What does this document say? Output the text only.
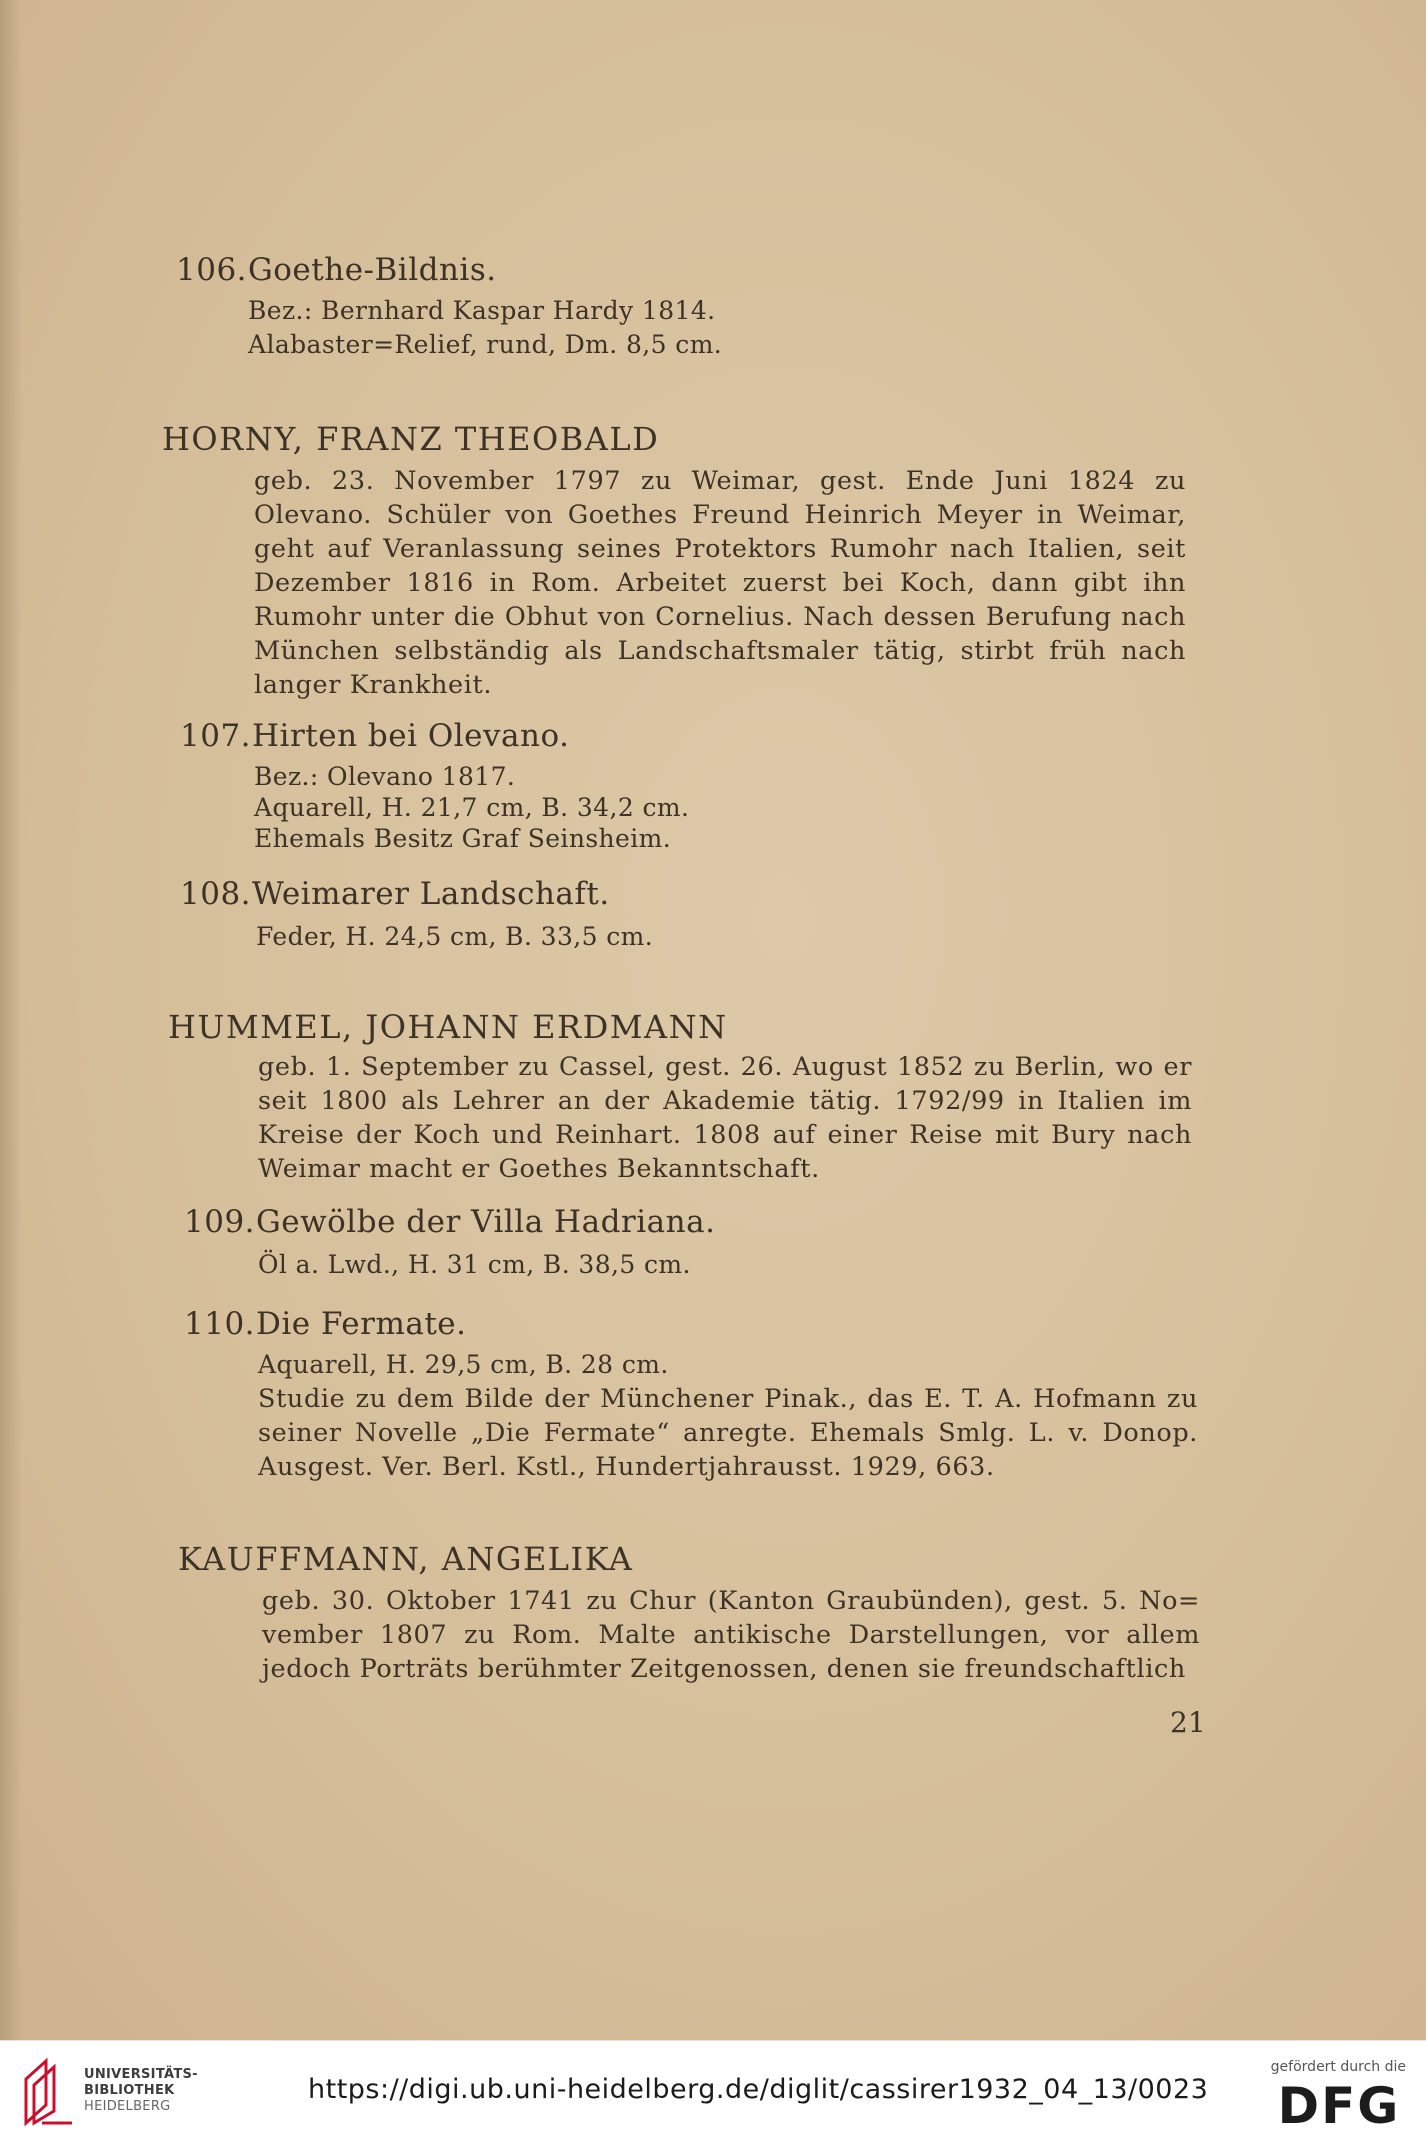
106.Goethe-Bildnis.
Bez.: Bernhard Kaspar Hardy 1814.
Alabaster=Relief, rund, Dm. 8,5 cm.
HORNY, FRANZ THEOBALD
geb. 23. November 1797 zu Weimar, gest. Ende Juni 1824 zu Olevano. Schüler von Goethes Freund Heinrich Meyer in Weimar, geht auf Veranlassung seines Protektors Rumohr nach Italien, seit Dezember 1816 in Rom. Arbeitet zuerst bei Koch, dann gibt ihn Rumohr unter die Obhut von Cornelius. Nach dessen Berufung nach München selbständig als Landschaftsmaler tätig, stirbt früh nach langer Krankheit.
107.Hirten bei Olevano.
Bez.: Olevano 1817.
Aquarell, H. 21,7 cm, B. 34,2 cm.
Ehemals Besitz Graf Seinsheim.
108.Weimarer Landschaft.
Feder, H. 24,5 cm, B. 33,5 cm.
HUMMEL, JOHANN ERDMANN
geb. 1. September zu Cassel, gest. 26. August 1852 zu Berlin, wo er seit 1800 als Lehrer an der Akademie tätig. 1792/99 in Italien im Kreise der Koch und Reinhart. 1808 auf einer Reise mit Bury nach Weimar macht er Goethes Bekanntschaft.
109.Gewölbe der Villa Hadriana.
Öl a. Lwd., H. 31 cm, B. 38,5 cm.
110.Die Fermate.
Aquarell, H. 29,5 cm, B. 28 cm.
Studie zu dem Bilde der Münchener Pinak., das E. T. A. Hofmann zu seiner Novelle „Die Fermate“ anregte. Ehemals Smlg. L. v. Donop. Ausgest. Ver. Berl. Kstl., Hundertjahrausst. 1929, 663.
KAUFFMANN, ANGELIKA
geb. 30. Oktober 1741 zu Chur (Kanton Graubünden), gest. 5. No= vember 1807 zu Rom. Malte antikische Darstellungen, vor allem jedoch Porträts berühmter Zeitgenossen, denen sie freundschaftlich
21
UNIVERSITÄTS-
BIBLIOTHEK
HEIDELBERG
https://digi.ub.uni-heidelberg.de/diglit/cassirer1932_04_13/0023
gefördert durch die
DFG
